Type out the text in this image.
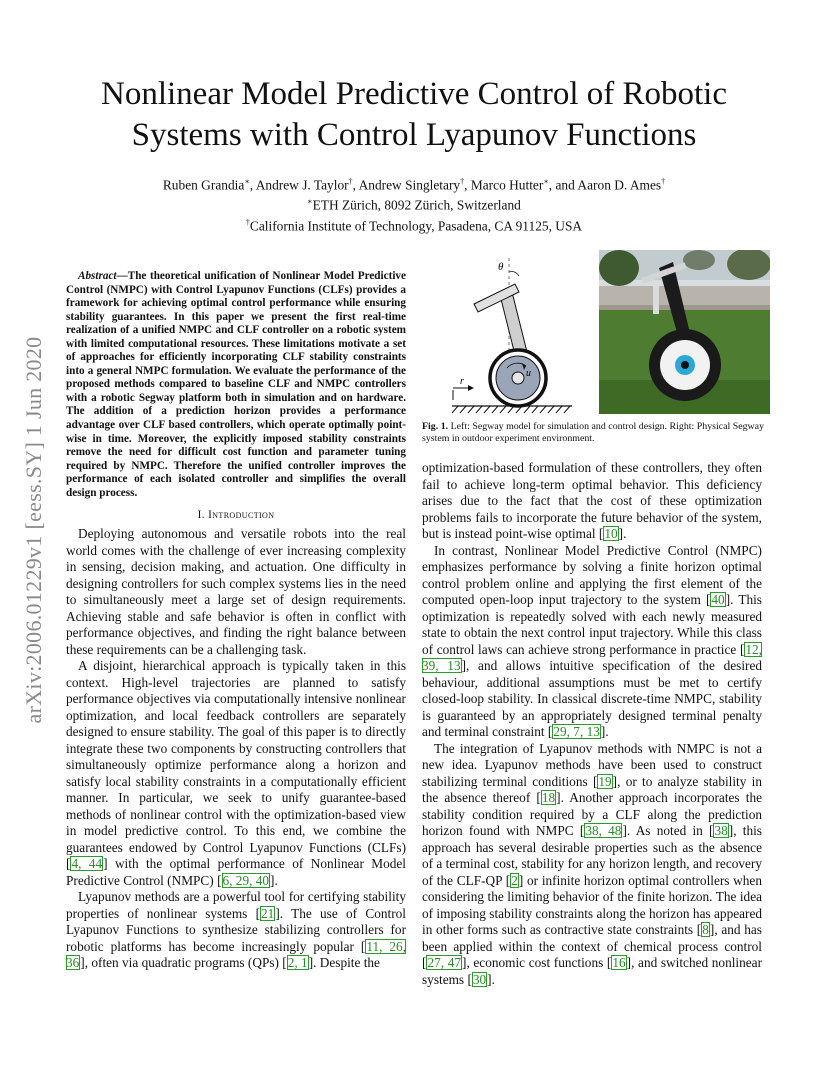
arXiv:2006.01229v1 [eess.SY] 1 Jun 2020
Nonlinear Model Predictive Control of Robotic
Systems with Control Lyapunov Functions
Ruben Grandia∗, Andrew J. Taylor†, Andrew Singletary†, Marco Hutter∗, and Aaron D. Ames†
∗ETH Zürich, 8092 Zürich, Switzerland
†California Institute of Technology, Pasadena, CA 91125, USA

Abstract—The theoretical unification of Nonlinear Model Predictive Control (NMPC) with Control Lyapunov Functions (CLFs) provides a framework for achieving optimal control performance while ensuring stability guarantees. In this paper we present the first real-time realization of a unified NMPC and CLF controller on a robotic system with limited computational resources. These limitations motivate a set of approaches for efficiently incorporating CLF stability constraints into a general NMPC formulation. We evaluate the performance of the proposed methods compared to baseline CLF and NMPC controllers with a robotic Segway platform both in simulation and on hardware. The addition of a prediction horizon provides a performance advantage over CLF based controllers, which operate optimally point-wise in time. Moreover, the explicitly imposed stability constraints remove the need for difficult cost function and parameter tuning required by NMPC. Therefore the unified controller improves the performance of each isolated controller and simplifies the overall design process.

I. Introduction

Deploying autonomous and versatile robots into the real world comes with the challenge of ever increasing complexity in sensing, decision making, and actuation. One difficulty in designing controllers for such complex systems lies in the need to simultaneously meet a large set of design requirements. Achieving stable and safe behavior is often in conflict with performance objectives, and finding the right balance between these requirements can be a challenging task.

A disjoint, hierarchical approach is typically taken in this context. High-level trajectories are planned to satisfy performance objectives via computationally intensive nonlinear optimization, and local feedback controllers are separately designed to ensure stability. The goal of this paper is to directly integrate these two components by constructing controllers that simultaneously optimize performance along a horizon and satisfy local stability constraints in a computationally efficient manner. In particular, we seek to unify guarantee-based methods of nonlinear control with the optimization-based view in model predictive control. To this end, we combine the guarantees endowed by Control Lyapunov Functions (CLFs) [4, 44] with the optimal performance of Nonlinear Model Predictive Control (NMPC) [6, 29, 40].

Lyapunov methods are a powerful tool for certifying stability properties of nonlinear systems [21]. The use of Control Lyapunov Functions to synthesize stabilizing controllers for robotic platforms has become increasingly popular [11, 26, 36], often via quadratic programs (QPs) [2, 1]. Despite the

r
θ
u
Fig. 1. Left: Segway model for simulation and control design. Right: Physical Segway system in outdoor experiment environment.

optimization-based formulation of these controllers, they often fail to achieve long-term optimal behavior. This deficiency arises due to the fact that the cost of these optimization problems fails to incorporate the future behavior of the system, but is instead point-wise optimal [10].

In contrast, Nonlinear Model Predictive Control (NMPC) emphasizes performance by solving a finite horizon optimal control problem online and applying the first element of the computed open-loop input trajectory to the system [40]. This optimization is repeatedly solved with each newly measured state to obtain the next control input trajectory. While this class of control laws can achieve strong performance in practice [12, 39, 13], and allows intuitive specification of the desired behaviour, additional assumptions must be met to certify closed-loop stability. In classical discrete-time NMPC, stability is guaranteed by an appropriately designed terminal penalty and terminal constraint [29, 7, 13].

The integration of Lyapunov methods with NMPC is not a new idea. Lyapunov methods have been used to construct stabilizing terminal conditions [19], or to analyze stability in the absence thereof [18]. Another approach incorporates the stability condition required by a CLF along the prediction horizon found with NMPC [38, 48]. As noted in [38], this approach has several desirable properties such as the absence of a terminal cost, stability for any horizon length, and recovery of the CLF-QP [2] or infinite horizon optimal controllers when considering the limiting behavior of the finite horizon. The idea of imposing stability constraints along the horizon has appeared in other forms such as contractive state constraints [8], and has been applied within the context of chemical process control [27, 47], economic cost functions [16], and switched nonlinear systems [30].
